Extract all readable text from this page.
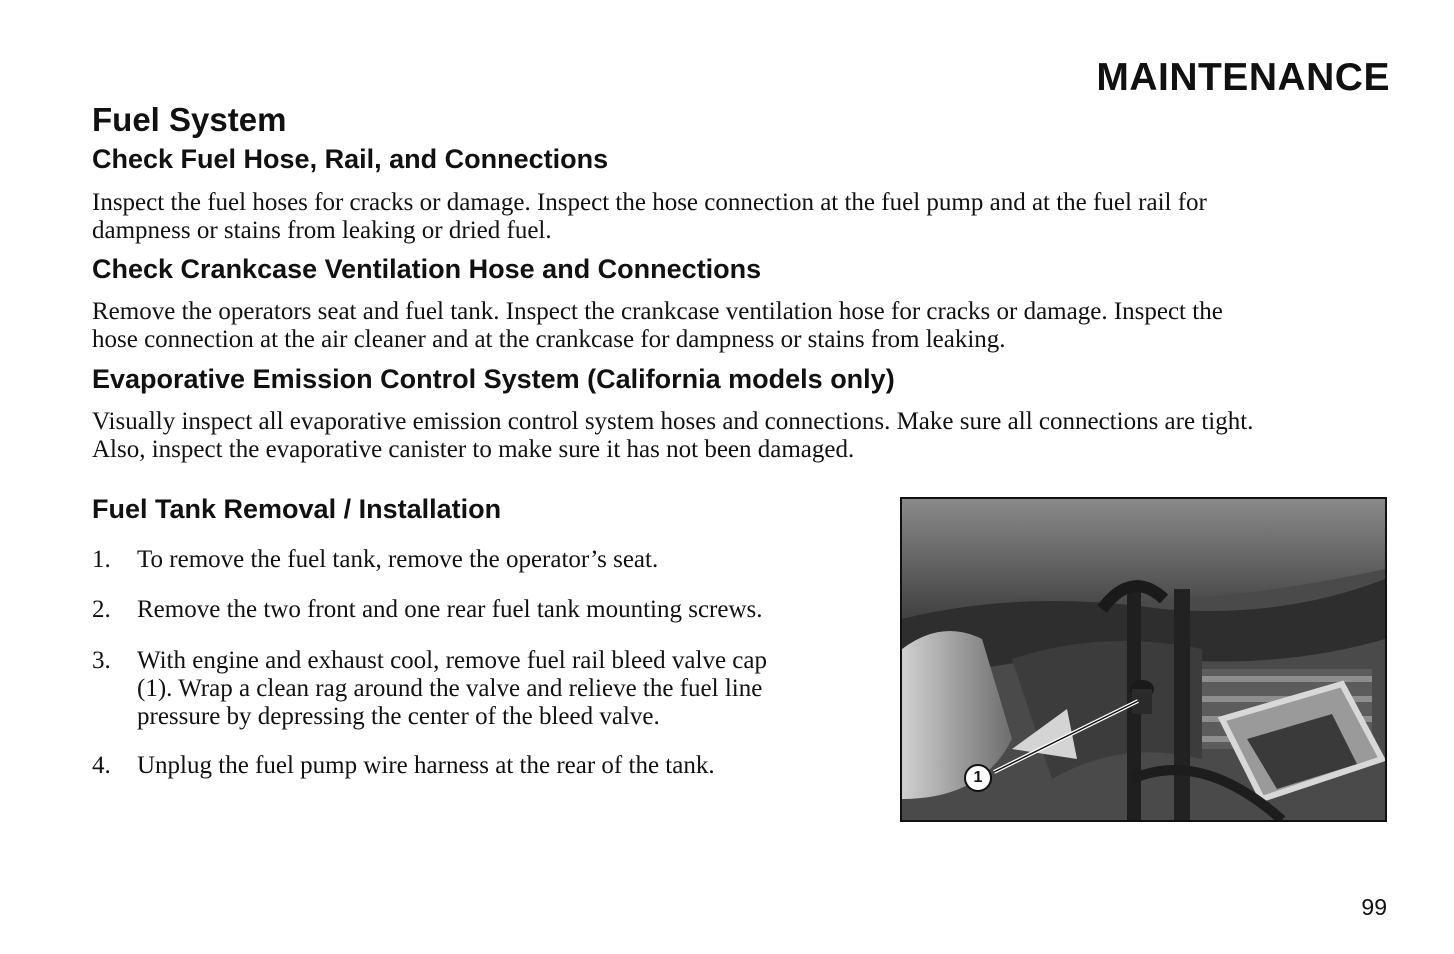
MAINTENANCE
Fuel System
Check Fuel Hose, Rail, and Connections
Inspect the fuel hoses for cracks or damage. Inspect the hose connection at the fuel pump and at the fuel rail for
dampness or stains from leaking or dried fuel.
Check Crankcase Ventilation Hose and Connections
Remove the operators seat and fuel tank. Inspect the crankcase ventilation hose for cracks or damage. Inspect the
hose connection at the air cleaner and at the crankcase for dampness or stains from leaking.
Evaporative Emission Control System (California models only)
Visually inspect all evaporative emission control system hoses and connections. Make sure all connections are tight.
Also, inspect the evaporative canister to make sure it has not been damaged.
Fuel Tank Removal / Installation
1.	To remove the fuel tank, remove the operator’s seat.
2.	Remove the two front and one rear fuel tank mounting screws.
3.	With engine and exhaust cool, remove fuel rail bleed valve cap
(1). Wrap a clean rag around the valve and relieve the fuel line
pressure by depressing the center of the bleed valve.
4.	Unplug the fuel pump wire harness at the rear of the tank.	1
99
